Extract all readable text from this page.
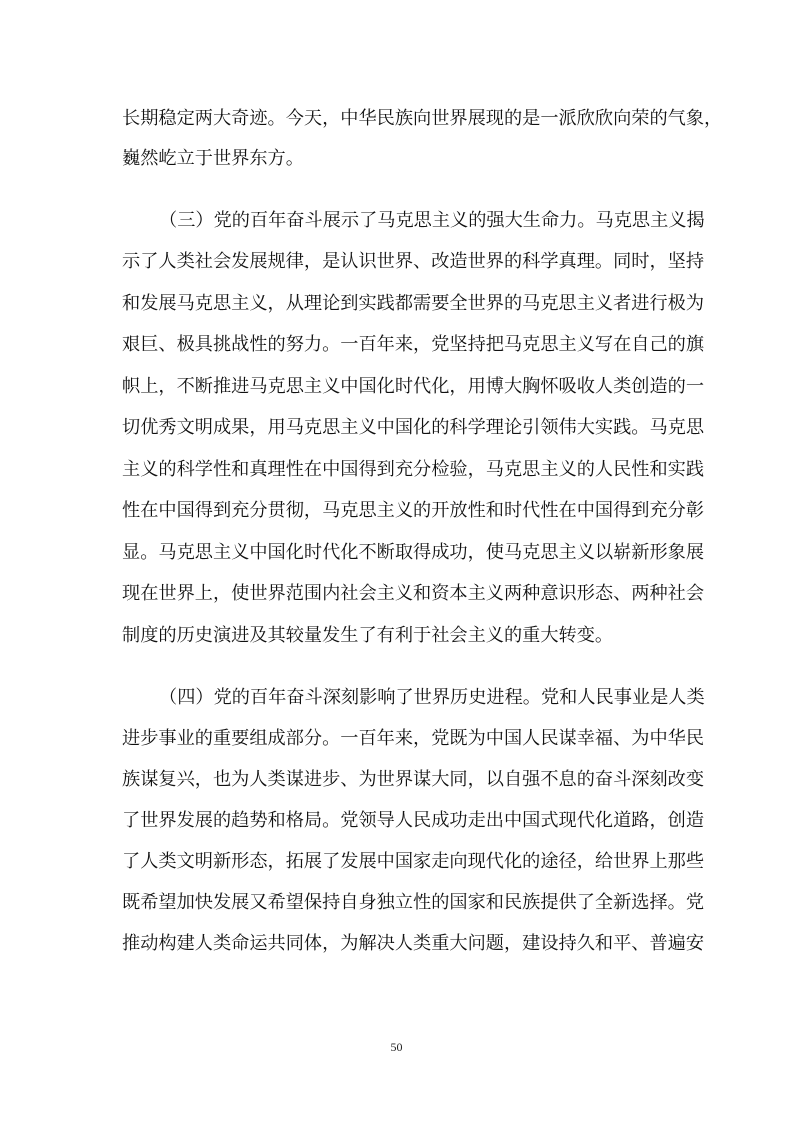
长期稳定两大奇迹。今天，中华民族向世界展现的是一派欣欣向荣的气象，
巍然屹立于世界东方。
（三）党的百年奋斗展示了马克思主义的强大生命力。马克思主义揭
示了人类社会发展规律，是认识世界、改造世界的科学真理。同时，坚持
和发展马克思主义，从理论到实践都需要全世界的马克思主义者进行极为
艰巨、极具挑战性的努力。一百年来，党坚持把马克思主义写在自己的旗
帜上，不断推进马克思主义中国化时代化，用博大胸怀吸收人类创造的一
切优秀文明成果，用马克思主义中国化的科学理论引领伟大实践。马克思
主义的科学性和真理性在中国得到充分检验，马克思主义的人民性和实践
性在中国得到充分贯彻，马克思主义的开放性和时代性在中国得到充分彰
显。马克思主义中国化时代化不断取得成功，使马克思主义以崭新形象展
现在世界上，使世界范围内社会主义和资本主义两种意识形态、两种社会
制度的历史演进及其较量发生了有利于社会主义的重大转变。
（四）党的百年奋斗深刻影响了世界历史进程。党和人民事业是人类
进步事业的重要组成部分。一百年来，党既为中国人民谋幸福、为中华民
族谋复兴，也为人类谋进步、为世界谋大同，以自强不息的奋斗深刻改变
了世界发展的趋势和格局。党领导人民成功走出中国式现代化道路，创造
了人类文明新形态，拓展了发展中国家走向现代化的途径，给世界上那些
既希望加快发展又希望保持自身独立性的国家和民族提供了全新选择。党
推动构建人类命运共同体，为解决人类重大问题，建设持久和平、普遍安
50
